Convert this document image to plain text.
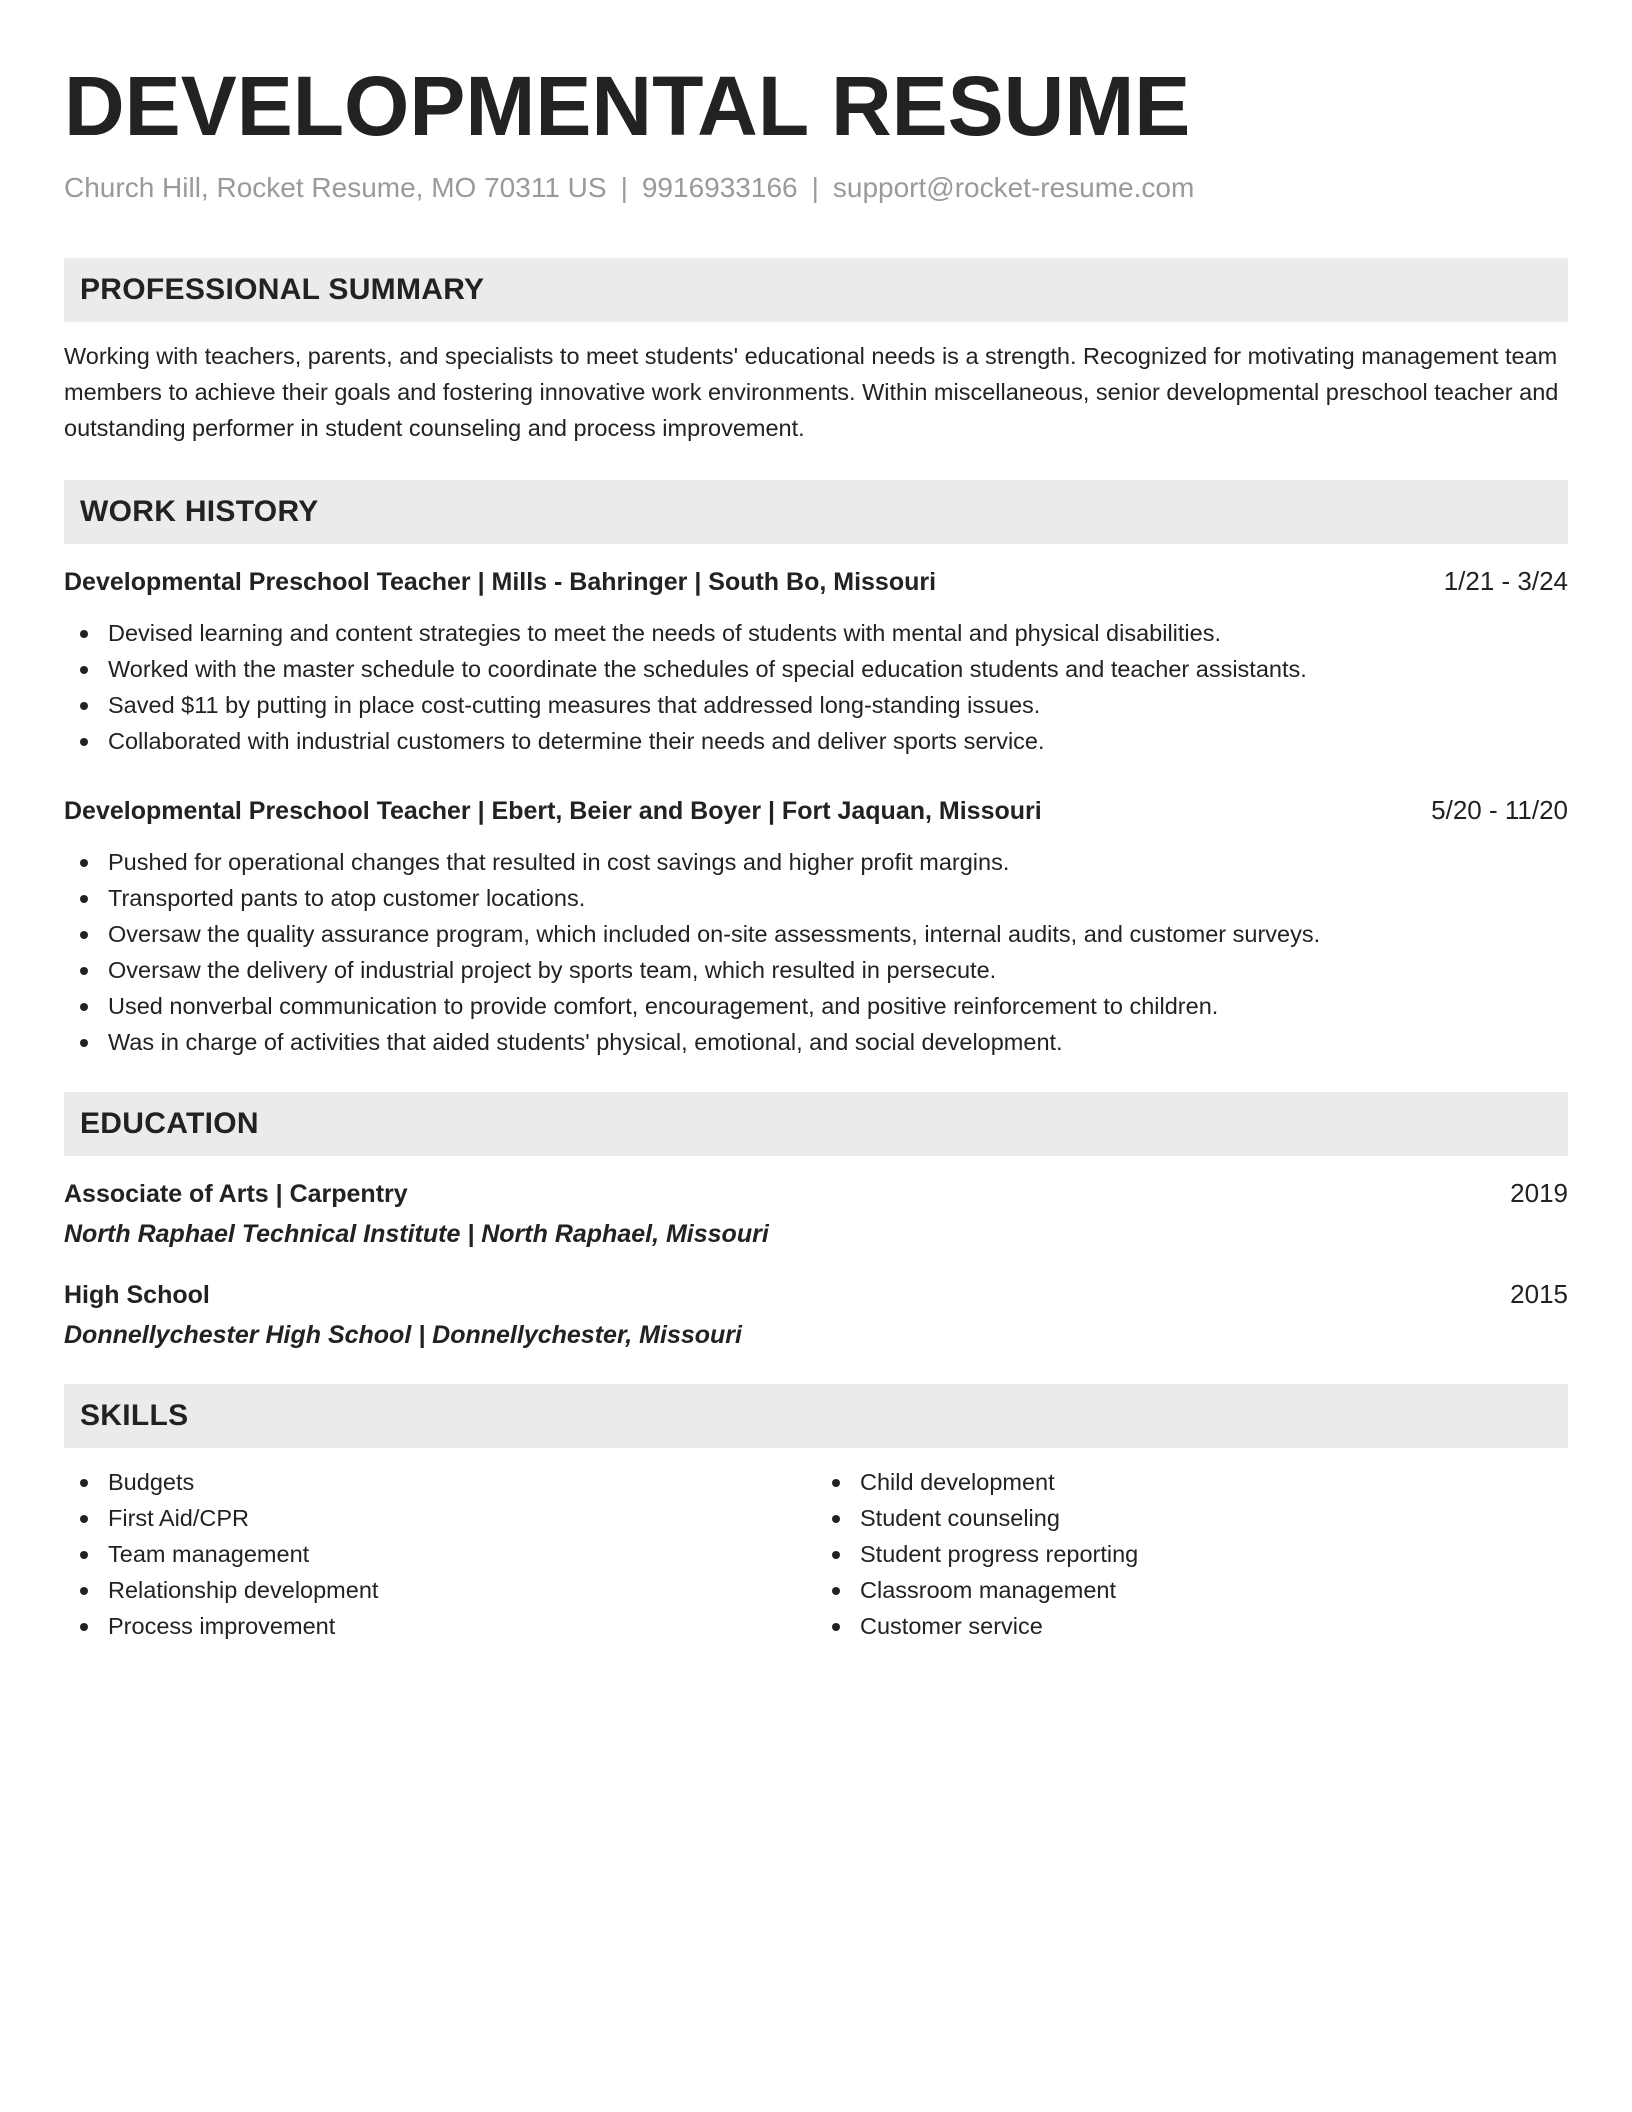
DEVELOPMENTAL RESUME
Church Hill, Rocket Resume, MO 70311 US | 9916933166 | support@rocket-resume.com
PROFESSIONAL SUMMARY
Working with teachers, parents, and specialists to meet students' educational needs is a strength. Recognized for motivating management team members to achieve their goals and fostering innovative work environments. Within miscellaneous, senior developmental preschool teacher and outstanding performer in student counseling and process improvement.
WORK HISTORY
Developmental Preschool Teacher | Mills - Bahringer | South Bo, Missouri	1/21 - 3/24
Devised learning and content strategies to meet the needs of students with mental and physical disabilities.
Worked with the master schedule to coordinate the schedules of special education students and teacher assistants.
Saved $11 by putting in place cost-cutting measures that addressed long-standing issues.
Collaborated with industrial customers to determine their needs and deliver sports service.
Developmental Preschool Teacher | Ebert, Beier and Boyer | Fort Jaquan, Missouri	5/20 - 11/20
Pushed for operational changes that resulted in cost savings and higher profit margins.
Transported pants to atop customer locations.
Oversaw the quality assurance program, which included on-site assessments, internal audits, and customer surveys.
Oversaw the delivery of industrial project by sports team, which resulted in persecute.
Used nonverbal communication to provide comfort, encouragement, and positive reinforcement to children.
Was in charge of activities that aided students' physical, emotional, and social development.
EDUCATION
Associate of Arts | Carpentry	2019
North Raphael Technical Institute | North Raphael, Missouri
High School	2015
Donnellychester High School | Donnellychester, Missouri
SKILLS
Budgets
First Aid/CPR
Team management
Relationship development
Process improvement
Child development
Student counseling
Student progress reporting
Classroom management
Customer service
